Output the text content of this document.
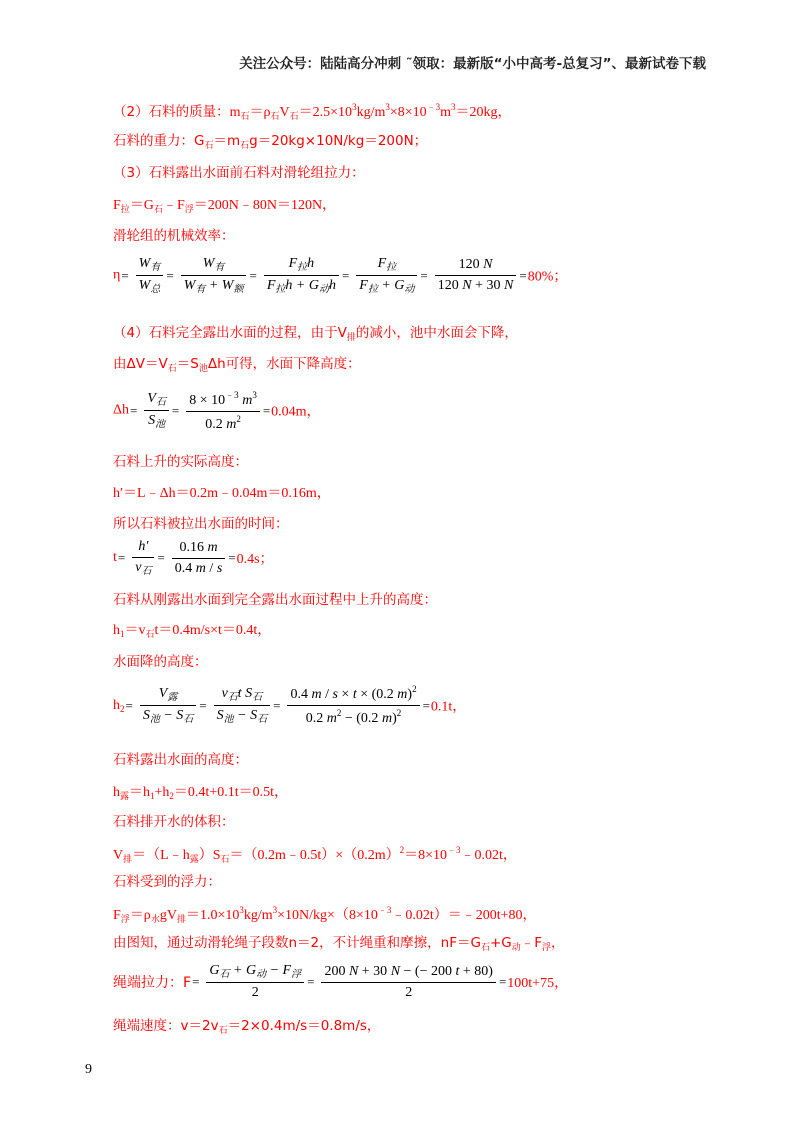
关注公众号：陆陆高分冲刺 ˜领取：最新版“小中高考-总复习”、最新试卷下载
（2）石料的质量：$m_石=\rho_石V_石=2.5\times 10^3kg/m^3\times 8\times 10^{﹣3}m^3=20kg$，
石料的重力：$G_石=m_石g=20kg\times 10N/kg=200N$；
（3）石料露出水面前石料对滑轮组拉力：
$F_拉=G_石﹣F_浮=200N﹣80N=120N$，
滑轮组的机械效率：
$\eta= \frac{W_有}{W_总} = \frac{W_有}{W_有 + W_额} = \frac{F_拉h}{F_拉h + G_动h} = \frac{F_拉}{F_拉 + G_动} = \frac{120 N}{120 N + 30 N} =80\%$；
（4）石料完全露出水面的过程，由于$V_排$的减小，池中水面会下降，
由$\Delta V=V_石=S_池\Delta h$可得，水面下降高度：
$\Delta h= \frac{V_石}{S_池} = \frac{8 \times 10^{﹣3} m^3}{0.2 m^2} =0.04m$，
石料上升的实际高度：
h′＝L﹣Δh＝0.2m﹣0.04m＝0.16m，
所以石料被拉出水面的时间：
$t= \frac{h'}{v_石} = \frac{0.16 m}{0.4 m / s} =0.4s$；
石料从刚露出水面到完全露出水面过程中上升的高度：
$h_1=v_石t=0.4m/s\times t=0.4t$，
水面降的高度：
$h_2= \frac{V_露}{S_池 - S_石} = \frac{v_石t S_石}{S_池 - S_石} = \frac{0.4 m / s \times t \times (0.2 m)^2}{0.2 m^2 - (0.2 m)^2} =0.1t$，
石料露出水面的高度：
$h_露=h_1+h_2=0.4t+0.1t=0.5t$，
石料排开水的体积：
$V_排=(L﹣h_露)S_石=(0.2m﹣0.5t)\times(0.2m)^2=8\times 10^{﹣3}﹣0.02t$，
石料受到的浮力：
$F_浮=\rho_水gV_排=1.0\times 10^3kg/m^3\times 10N/kg\times(8\times 10^{﹣3}﹣0.02t)=﹣200t+80$，
由图知，通过动滑轮绳子段数n＝2，不计绳重和摩擦，$nF=G_石+G_动﹣F_浮$，
绳端拉力：$F= \frac{G_石 + G_动 - F_浮}{2} = \frac{200 N + 30 N - (- 200 t + 80)}{2} =100t+75$，
绳端速度：$v=2v_石=2\times 0.4m/s=0.8m/s$，
9
